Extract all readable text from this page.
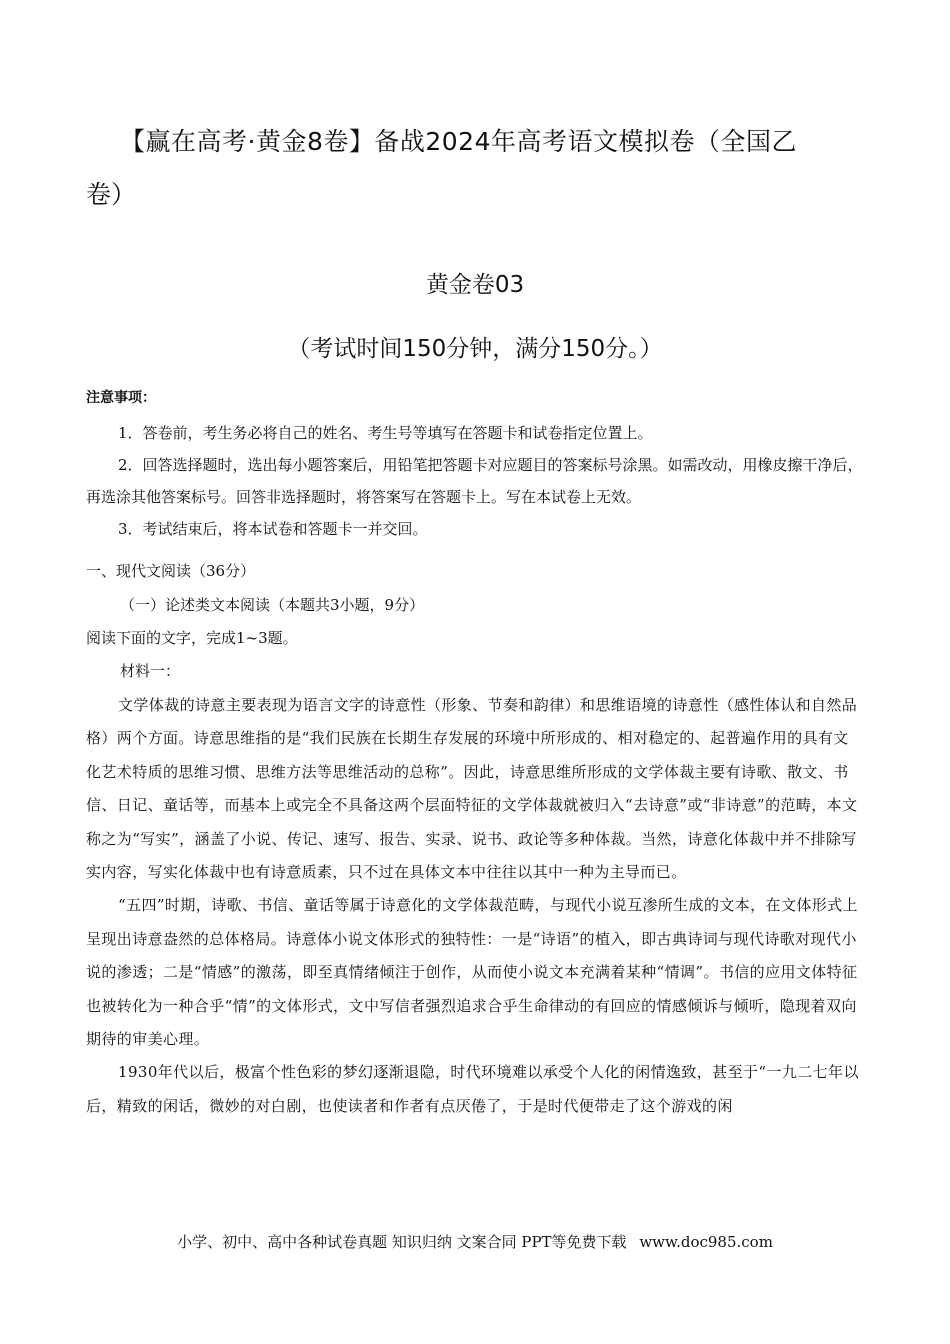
【赢在高考·黄金8卷】备战2024年高考语文模拟卷（全国乙
卷）
黄金卷03
（考试时间150分钟，满分150分。）
注意事项：

1．答卷前，考生务必将自己的姓名、考生号等填写在答题卡和试卷指定位置上。

2．回答选择题时，选出每小题答案后，用铅笔把答题卡对应题目的答案标号涂黑。如需改动，用橡皮擦干净后，再选涂其他答案标号。回答非选择题时，将答案写在答题卡上。写在本试卷上无效。

3．考试结束后，将本试卷和答题卡一并交回。

一、现代文阅读（36分）
（一）论述类文本阅读（本题共3小题，9分）
阅读下面的文字，完成1~3题。
材料一：

文学体裁的诗意主要表现为语言文字的诗意性（形象、节奏和韵律）和思维语境的诗意性（感性体认和自然品格）两个方面。诗意思维指的是“我们民族在长期生存发展的环境中所形成的、相对稳定的、起普遍作用的具有文化艺术特质的思维习惯、思维方法等思维活动的总称”。因此，诗意思维所形成的文学体裁主要有诗歌、散文、书信、日记、童话等，而基本上或完全不具备这两个层面特征的文学体裁就被归入“去诗意”或“非诗意”的范畴，本文称之为“写实”，涵盖了小说、传记、速写、报告、实录、说书、政论等多种体裁。当然，诗意化体裁中并不排除写实内容，写实化体裁中也有诗意质素，只不过在具体文本中往往以其中一种为主导而已。

“五四”时期，诗歌、书信、童话等属于诗意化的文学体裁范畴，与现代小说互渗所生成的文本，在文体形式上呈现出诗意盎然的总体格局。诗意体小说文体形式的独特性：一是“诗语”的植入，即古典诗词与现代诗歌对现代小说的渗透；二是“情感”的激荡，即至真情绪倾注于创作，从而使小说文本充满着某种“情调”。书信的应用文体特征也被转化为一种合乎“情”的文体形式，文中写信者强烈追求合乎生命律动的有回应的情感倾诉与倾听，隐现着双向期待的审美心理。

1930年代以后，极富个性色彩的梦幻逐渐退隐，时代环境难以承受个人化的闲情逸致，甚至于“一九二七年以后，精致的闲话，微妙的对白剧，也使读者和作者有点厌倦了，于是时代便带走了这个游戏的闲

小学、初中、高中各种试卷真题 知识归纳 文案合同 PPT等免费下载 www.doc985.com
